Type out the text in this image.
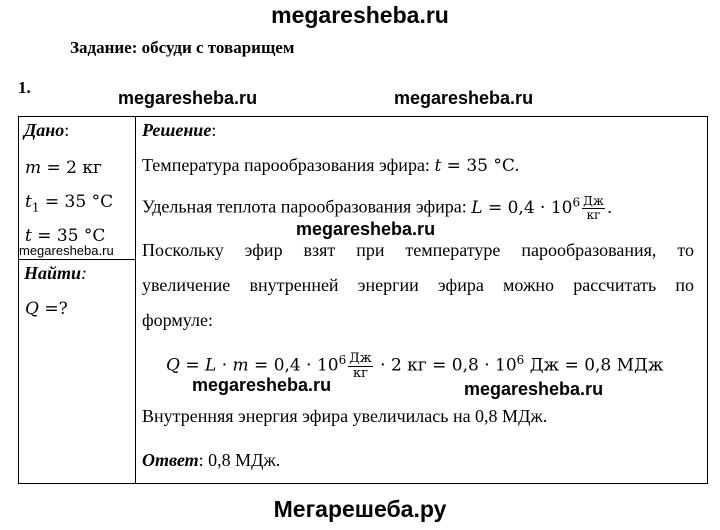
megaresheba.ru
Задание: обсуди с товарищем
1.
megaresheba.ru	megaresheba.ru
Дано:
m = 2 кг
$t_1 = 35$ °C
t = 35 °C
megaresheba.ru
Найти:
Q =?
Решение:
Температура парообразования эфира: t = 35 °C.
Удельная теплота парообразования эфира: $L = 0,4 \cdot 10^6 \frac{Дж}{кг}$ .
megaresheba.ru
Поскольку эфир взят при температуре парообразования, то
увеличение внутренней энергии эфира можно рассчитать по
формуле:
$Q = L \cdot m = 0,4 \cdot 10^6 \frac{Дж}{кг} \cdot 2$ кг = $0,8 \cdot 10^6$ Дж = 0,8 МДж
megaresheba.ru	megaresheba.ru
Внутренняя энергия эфира увеличилась на 0,8 МДж.
Ответ: 0,8 МДж.
Мегарешеба.ру
